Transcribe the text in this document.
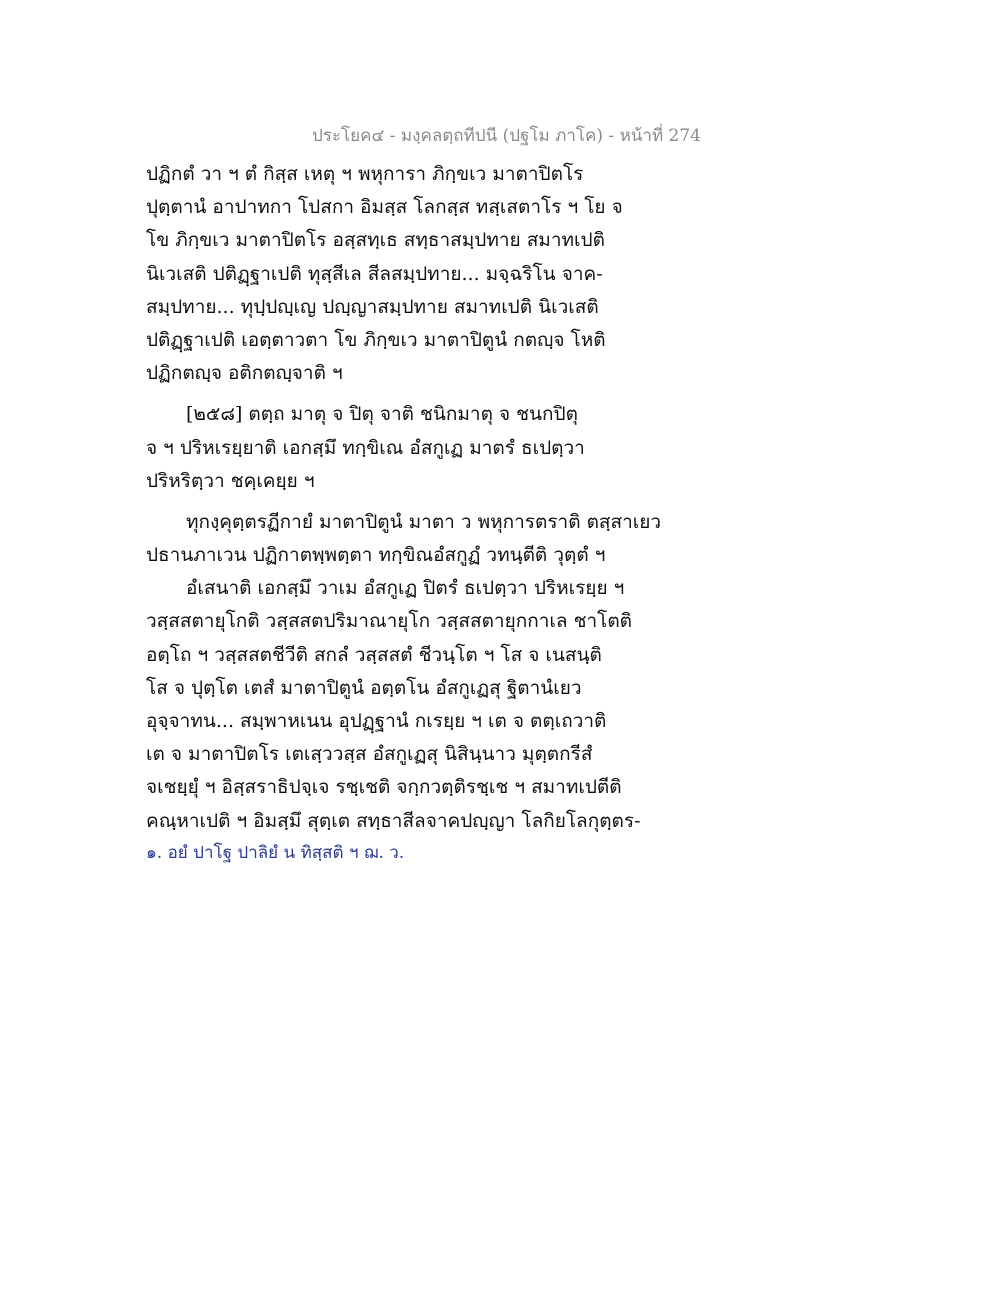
ประโยค๔ - มงฺคลตฺถทีปนี (ปฐโม ภาโค) - หน้าที่ 274
ปฏิกตํ วา ฯ ตํ กิสฺส เหตุ ฯ พหุการา ภิกฺขเว มาตาปิตโร
ปุตฺตานํ อาปาทกา โปสกา อิมสฺส โลกสฺส ทสฺเสตาโร ฯ โย จ
โข ภิกฺขเว มาตาปิตโร อสฺสทฺเธ สทฺธาสมฺปทาย สมาทเปติ
นิเวเสติ ปติฏฺฐาเปติ ทุสฺสีเล สีลสมฺปทาย... มจฺฉริโน จาค-
สมฺปทาย... ทุปฺปญฺเญ ปญฺญาสมฺปทาย สมาทเปติ นิเวเสติ
ปติฏฺฐาเปติ เอตฺตาวตา โข ภิกฺขเว มาตาปิตูนํ กตญฺจ โหติ
ปฏิกตญฺจ อติกตญฺจาติ ฯ
[๒๕๘] ตตฺถ มาตุ จ ปิตุ จาติ ชนิกมาตุ จ ชนกปิตุ
จ ฯ ปริหเรยฺยาติ เอกสฺมึ ทกฺขิเณ อํสกูเฏ มาตรํ ธเปตฺวา
ปริหริตฺวา ชคฺเคยฺย ฯ
ทุกงฺคุตฺตรฏีกายํ มาตาปิตูนํ มาตา ว พหุการตราติ ตสฺสาเยว
ปธานภาเวน ปฏิกาตพฺพตฺตา ทกฺขิณอํสกูฏํ วทนฺตีติ วุตฺตํ ฯ
อํเสนาติ เอกสฺมึ วาเม อํสกูเฏ ปิตรํ ธเปตฺวา ปริหเรยฺย ฯ
วสฺสสตายุโกติ วสฺสสตปริมาณายุโก วสฺสสตายุกกาเล ชาโตติ
อตฺโถ ฯ วสฺสสตชีวีติ สกลํ วสฺสสตํ ชีวนฺโต ฯ โส จ เนสนฺติ
โส จ ปุตฺโต เตสํ มาตาปิตูนํ อตฺตโน อํสกูเฏสุ ฐิตานํเยว
อุจฺจาทน... สมฺพาหเนน อุปฏฺฐานํ กเรยฺย ฯ เต จ ตตฺเถวาติ
เต จ มาตาปิตโร เตเสฺววสฺส อํสกูเฏสุ นิสินฺนาว มุตฺตกรีสํ
จเชยฺยุํ ฯ อิสฺสราธิปจฺเจ รชฺเชติ จกฺกวตฺติรชฺเช ฯ สมาทเปตีติ
คณฺหาเปติ ฯ อิมสฺมึ สุตฺเต สทฺธาสีลจาคปญฺญา โลกิยโลกุตฺตร-
๑. อยํ ปาโฐ ปาลิยํ น ทิสฺสติ ฯ ฌ. ว.
